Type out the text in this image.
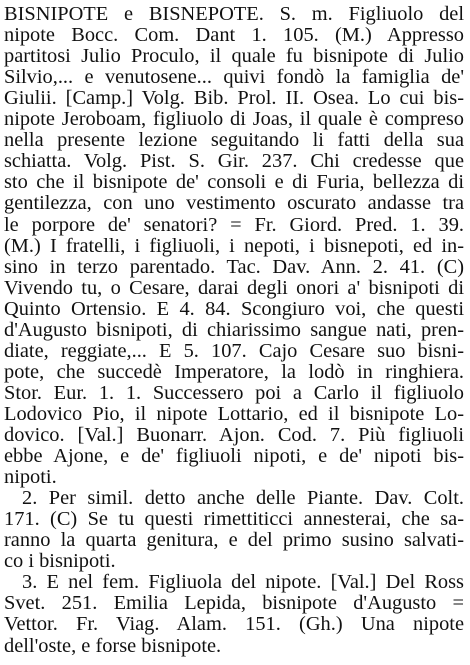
BISNIPOTE e BISNEPOTE. S. m. Figliuolo del
nipote Bocc. Com. Dant 1. 105. (M.) Appresso
partitosi Julio Proculo, il quale fu bisnipote di Julio
Silvio,... e venutosene... quivi fondò la famiglia de'
Giulii. [Camp.] Volg. Bib. Prol. II. Osea. Lo cui bis-
nipote Jeroboam, figliuolo di Joas, il quale è compreso
nella presente lezione seguitando li fatti della sua
schiatta. Volg. Pist. S. Gir. 237. Chi credesse que
sto che il bisnipote de' consoli e di Furia, bellezza di
gentilezza, con uno vestimento oscurato andasse tra
le porpore de' senatori? = Fr. Giord. Pred. 1. 39.
(M.) I fratelli, i figliuoli, i nepoti, i bisnepoti, ed in-
sino in terzo parentado. Tac. Dav. Ann. 2. 41. (C)
Vivendo tu, o Cesare, darai degli onori a' bisnipoti di
Quinto Ortensio. E 4. 84. Scongiuro voi, che questi
d'Augusto bisnipoti, di chiarissimo sangue nati, pren-
diate, reggiate,... E 5. 107. Cajo Cesare suo bisni-
pote, che succedè Imperatore, la lodò in ringhiera.
Stor. Eur. 1. 1. Successero poi a Carlo il figliuolo
Lodovico Pio, il nipote Lottario, ed il bisnipote Lo-
dovico. [Val.] Buonarr. Ajon. Cod. 7. Più figliuoli
ebbe Ajone, e de' figliuoli nipoti, e de' nipoti bis-
nipoti.
2. Per simil. detto anche delle Piante. Dav. Colt.
171. (C) Se tu questi rimettiticci annesterai, che sa-
ranno la quarta genitura, e del primo susino salvati-
co i bisnipoti.
3. E nel fem. Figliuola del nipote. [Val.] Del Ross
Svet. 251. Emilia Lepida, bisnipote d'Augusto =
Vettor. Fr. Viag. Alam. 151. (Gh.) Una nipote
dell'oste, e forse bisnipote.
